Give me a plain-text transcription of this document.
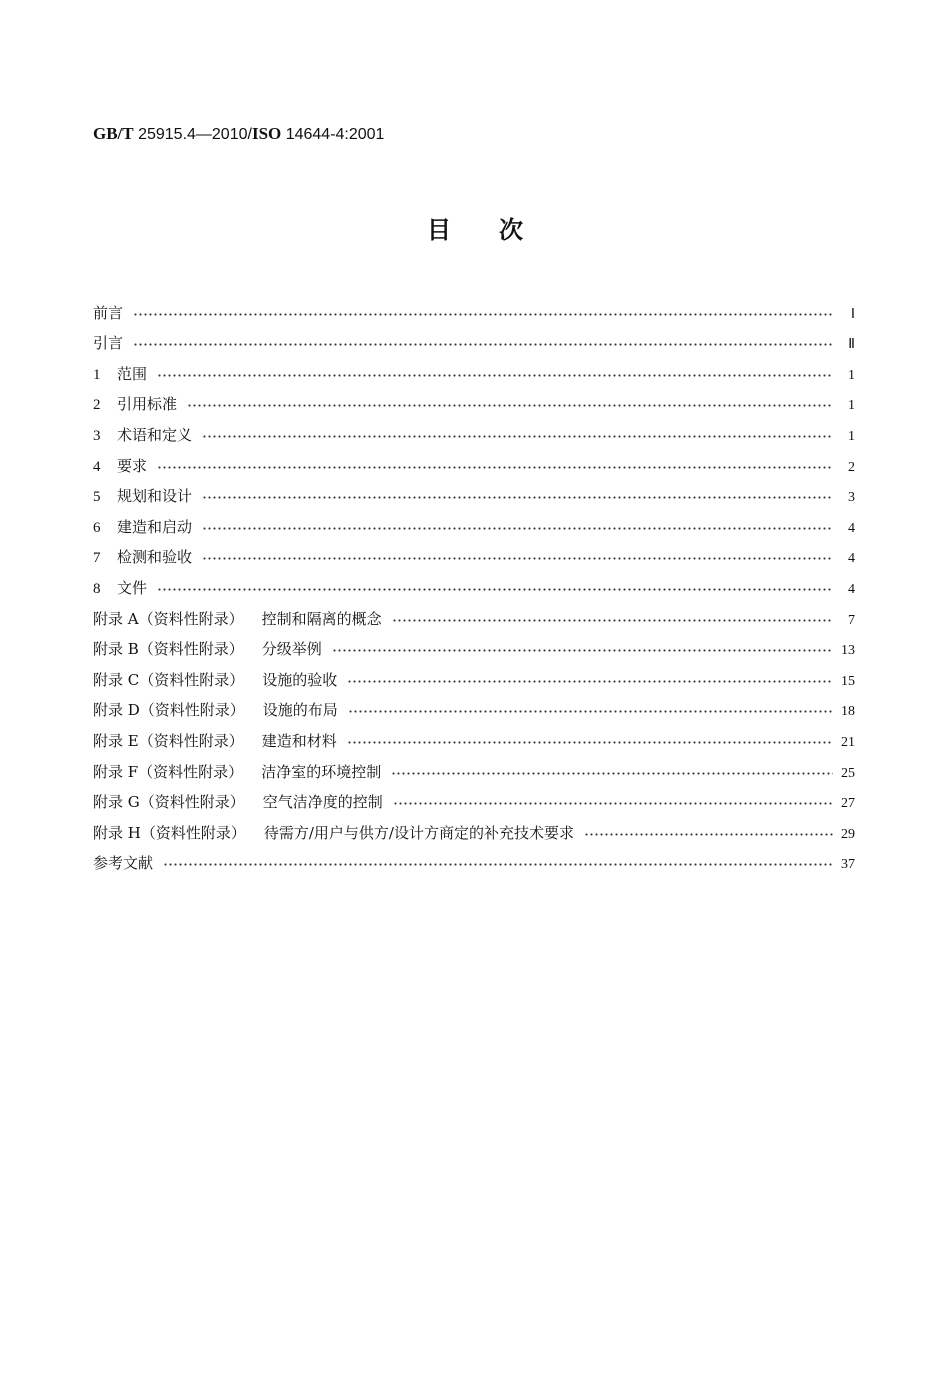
GB/T 25915.4—2010/ISO 14644-4:2001
目次
前言	Ⅰ
引言	Ⅱ
1	范围	1
2	引用标准	1
3	术语和定义	1
4	要求	2
5	规划和设计	3
6	建造和启动	4
7	检测和验收	4
8	文件	4
附录 A（资料性附录） 控制和隔离的概念	7
附录 B（资料性附录） 分级举例	13
附录 C（资料性附录） 设施的验收	15
附录 D（资料性附录） 设施的布局	18
附录 E（资料性附录） 建造和材料	21
附录 F（资料性附录） 洁净室的环境控制	25
附录 G（资料性附录） 空气洁净度的控制	27
附录 H（资料性附录） 待需方/用户与供方/设计方商定的补充技术要求	29
参考文献	37
